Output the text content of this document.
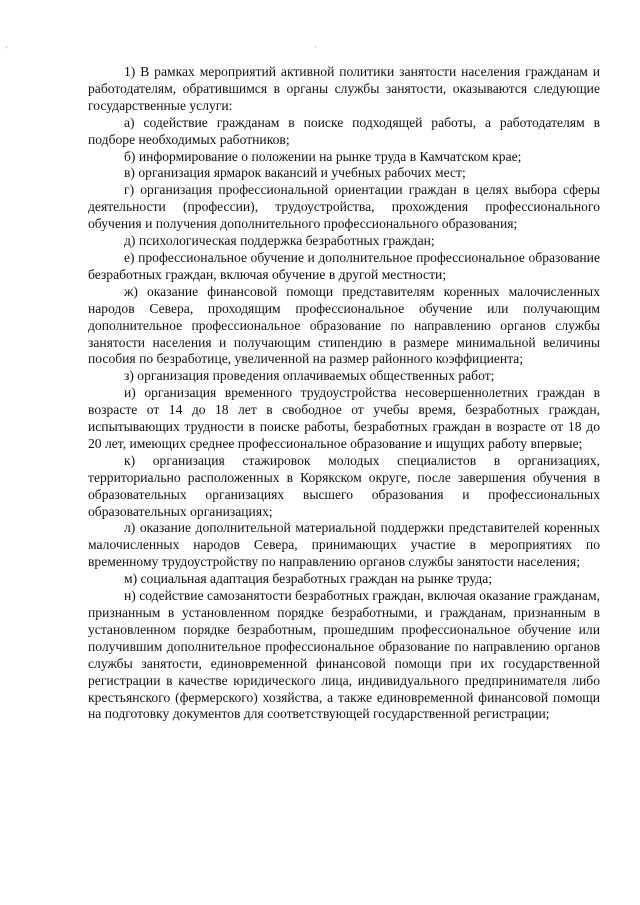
'	·

1) В рамках мероприятий активной политики занятости населения гражданам и работодателям, обратившимся в органы службы занятости, оказываются следующие государственные услуги:

а) содействие гражданам в поиске подходящей работы, а работодателям в подборе необходимых работников;

б) информирование о положении на рынке труда в Камчатском крае;

в) организация ярмарок вакансий и учебных рабочих мест;

г) организация профессиональной ориентации граждан в целях выбора сферы деятельности (профессии), трудоустройства, прохождения профессионального обучения и получения дополнительного профессионального образования;

д) психологическая поддержка безработных граждан;

е) профессиональное обучение и дополнительное профессиональное образование безработных граждан, включая обучение в другой местности;

ж) оказание финансовой помощи представителям коренных малочисленных народов Севера, проходящим профессиональное обучение или получающим дополнительное профессиональное образование по направлению органов службы занятости населения и получающим стипендию в размере минимальной величины пособия по безработице, увеличенной на размер районного коэффициента;

з) организация проведения оплачиваемых общественных работ;

и) организация временного трудоустройства несовершеннолетних граждан в возрасте от 14 до 18 лет в свободное от учебы время, безработных граждан, испытывающих трудности в поиске работы, безработных граждан в возрасте от 18 до 20 лет, имеющих среднее профессиональное образование и ищущих работу впервые;

к) организация стажировок молодых специалистов в организациях, территориально расположенных в Корякском округе, после завершения обучения в образовательных организациях высшего образования и профессиональных образовательных организациях;

л) оказание дополнительной материальной поддержки представителей коренных малочисленных народов Севера, принимающих участие в мероприятиях по временному трудоустройству по направлению органов службы занятости населения;

м) социальная адаптация безработных граждан на рынке труда;

н) содействие самозанятости безработных граждан, включая оказание гражданам, признанным в установленном порядке безработными, и гражданам, признанным в установленном порядке безработным, прошедшим профессиональное обучение или получившим дополнительное профессиональное образование по направлению органов службы занятости, единовременной финансовой помощи при их государственной регистрации в качестве юридического лица, индивидуального предпринимателя либо крестьянского (фермерского) хозяйства, а также единовременной финансовой помощи на подготовку документов для соответствующей государственной регистрации;
